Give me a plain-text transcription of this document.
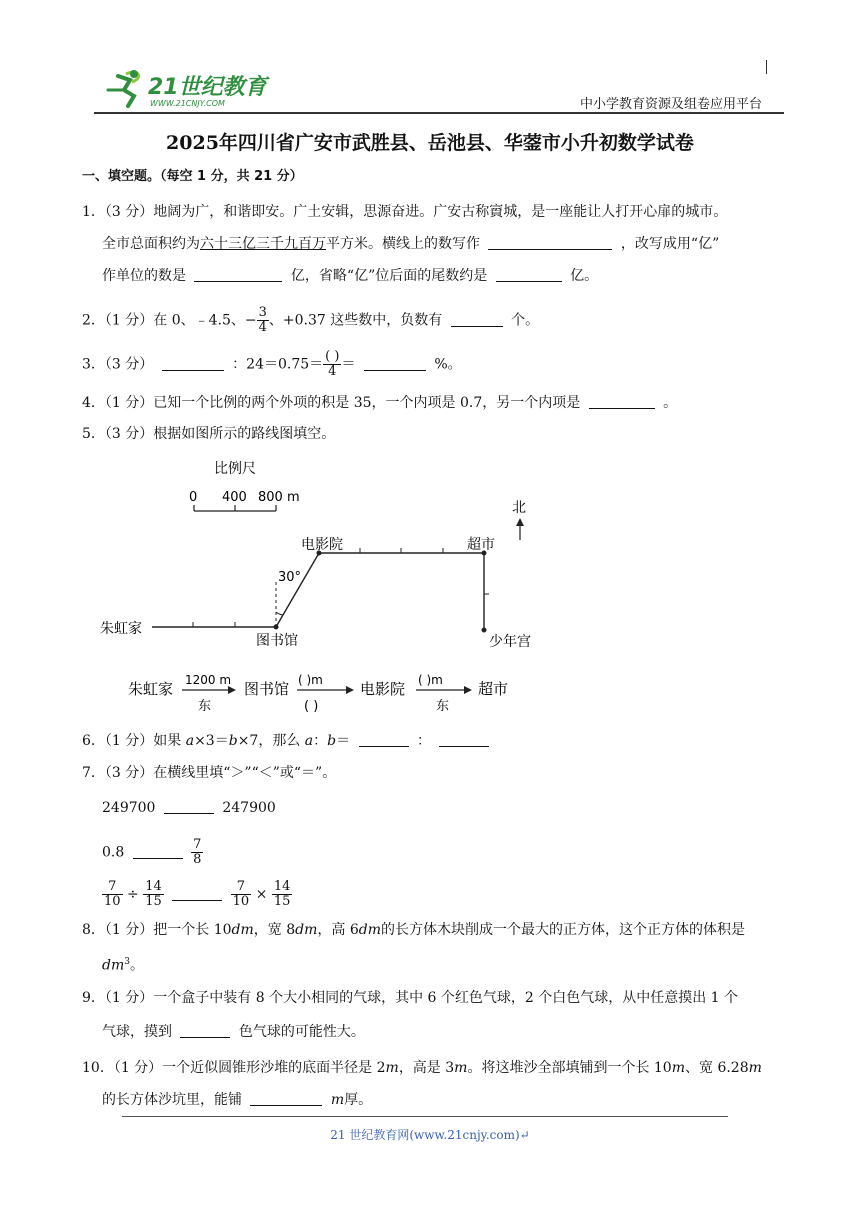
21世纪教育
WWW.21CNJY.COM	中小学教育资源及组卷应用平台
2025年四川省广安市武胜县、岳池县、华蓥市小升初数学试卷
一、填空题。（每空 1 分，共 21 分）
1．（3 分）地阔为广，和谐即安。广土安辑，思源奋进。广安古称賨城，是一座能让人打开心扉的城市。
全市总面积约为六十三亿三千九百万平方米。横线上的数写作	，改写成用“亿”
作单位的数是	亿，省略“亿”位后面的尾数约是	亿。
2．（1 分）在 0、﹣4.5、− $\frac{3}{4}$ 、+0.37 这些数中，负数有	个。
3．（3 分）	：$24=0.75= \frac{( )}{4}$ ＝	%。
4．（1 分）已知一个比例的两个外项的积是 35，一个内项是 0.7，另一个内项是	。
5．（3 分）根据如图所示的路线图填空。
比例尺
0 400 800 m
北
电影院	超市
30°
朱虹家
图书馆	少年宫
朱虹家 1200 m
东
图书馆 ( )m
( )
电影院 ( )m
东
超市
6．（1 分）如果 a×3＝b×7，那么 a：b＝	：
7．（3 分）在横线里填“＞”“＜”或“＝”。
249700	247900
0.8	$\frac{7}{8}$
$\frac{7}{10} \div \frac{14}{15}$
	$\frac{7}{10} \times \frac{14}{15}$
8．（1 分）把一个长 10dm，宽 8dm，高 6dm的长方体木块削成一个最大的正方体，这个正方体的体积是
$dm^3$。
9．（1 分）一个盒子中装有 8 个大小相同的气球，其中 6 个红色气球，2 个白色气球，从中任意摸出 1 个
气球，摸到	色气球的可能性大。
10．（1 分）一个近似圆锥形沙堆的底面半径是 2m，高是 3m。将这堆沙全部填铺到一个长 10m、宽 6.28m
的长方体沙坑里，能铺	m厚。
21 世纪教育网(www.21cnjy.com)↵
